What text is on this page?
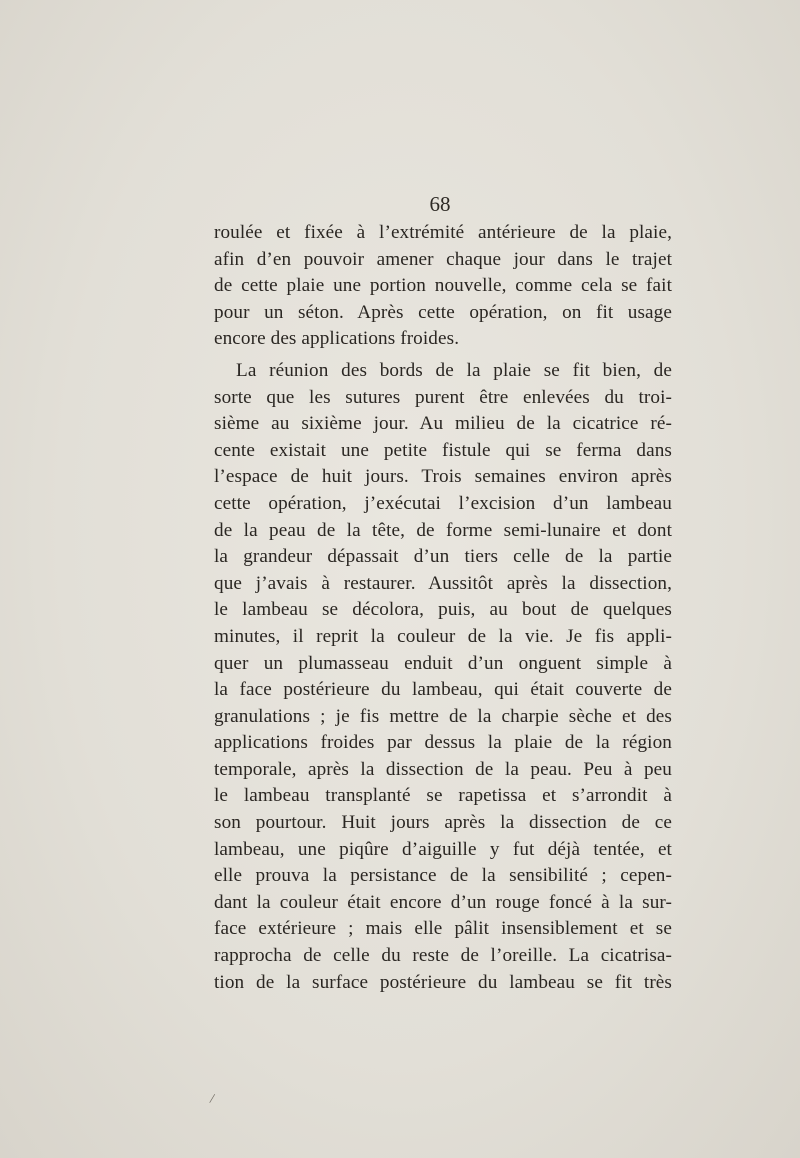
68
roulée et fixée à l’extrémité antérieure de la plaie,
afin d’en pouvoir amener chaque jour dans le trajet
de cette plaie une portion nouvelle, comme cela se fait
pour un séton. Après cette opération, on fit usage
encore des applications froides.
La réunion des bords de la plaie se fit bien, de
sorte que les sutures purent être enlevées du troi-
sième au sixième jour. Au milieu de la cicatrice ré-
cente existait une petite fistule qui se ferma dans
l’espace de huit jours. Trois semaines environ après
cette opération, j’exécutai l’excision d’un lambeau
de la peau de la tête, de forme semi-lunaire et dont
la grandeur dépassait d’un tiers celle de la partie
que j’avais à restaurer. Aussitôt après la dissection,
le lambeau se décolora, puis, au bout de quelques
minutes, il reprit la couleur de la vie. Je fis appli-
quer un plumasseau enduit d’un onguent simple à
la face postérieure du lambeau, qui était couverte de
granulations ; je fis mettre de la charpie sèche et des
applications froides par dessus la plaie de la région
temporale, après la dissection de la peau. Peu à peu
le lambeau transplanté se rapetissa et s’arrondit à
son pourtour. Huit jours après la dissection de ce
lambeau, une piqûre d’aiguille y fut déjà tentée, et
elle prouva la persistance de la sensibilité ; cepen-
dant la couleur était encore d’un rouge foncé à la sur-
face extérieure ; mais elle pâlit insensiblement et se
rapprocha de celle du reste de l’oreille. La cicatrisa-
tion de la surface postérieure du lambeau se fit très
/
